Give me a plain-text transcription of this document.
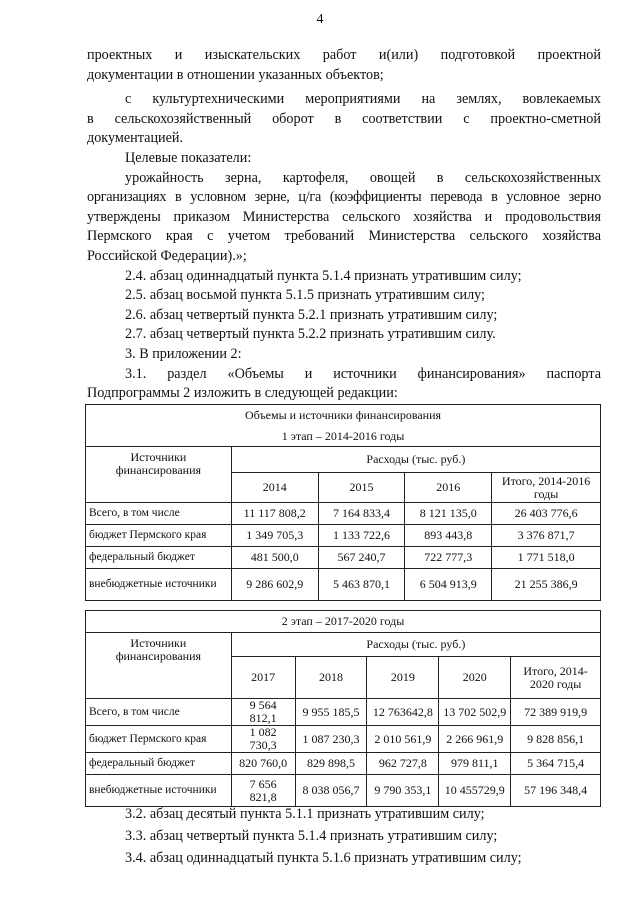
4
проектных и изыскательских работ и(или) подготовкой проектной
документации в отношении указанных объектов;
с культуртехническими мероприятиями на землях, вовлекаемых
в сельскохозяйственный оборот в соответствии с проектно-сметной
документацией.
Целевые показатели:
урожайность зерна, картофеля, овощей в сельскохозяйственных
организациях в условном зерне, ц/га (коэффициенты перевода в условное зерно
утверждены приказом Министерства сельского хозяйства и продовольствия
Пермского края с учетом требований Министерства сельского хозяйства
Российской Федерации).»;
2.4. абзац одиннадцатый пункта 5.1.4 признать утратившим силу;
2.5. абзац восьмой пункта 5.1.5 признать утратившим силу;
2.6. абзац четвертый пункта 5.2.1 признать утратившим силу;
2.7. абзац четвертый пункта 5.2.2 признать утратившим силу.
3. В приложении 2:
3.1. раздел «Объемы и источники финансирования» паспорта
Подпрограммы 2 изложить в следующей редакции:
Объемы и источники финансирования
1 этап – 2014-2016 годы				

Источники финансирования	Расходы (тыс. руб.)			
	2014	2015	2016	Итого, 2014-2016 годы
Всего, в том числе	11 117 808,2	7 164 833,4	8 121 135,0	26 403 776,6
бюджет Пермского края	1 349 705,3	1 133 722,6	893 443,8	3 376 871,7
федеральный бюджет	481 500,0	567 240,7	722 777,3	1 771 518,0
внебюджетные источники	9 286 602,9	5 463 870,1	6 504 913,9	21 255 386,9
2 этап – 2017-2020 годы					
Источники финансирования	Расходы (тыс. руб.)				
	2017	2018	2019	2020	Итого, 2014-2020 годы
Всего, в том числе	9 564 812,1	9 955 185,5	12 763642,8	13 702 502,9	72 389 919,9
бюджет Пермского края	1 082 730,3	1 087 230,3	2 010 561,9	2 266 961,9	9 828 856,1
федеральный бюджет	820 760,0	829 898,5	962 727,8	979 811,1	5 364 715,4
внебюджетные источники	7 656 821,8	8 038 056,7	9 790 353,1	10 455729,9	57 196 348,4
3.2. абзац десятый пункта 5.1.1 признать утратившим силу;
3.3. абзац четвертый пункта 5.1.4 признать утратившим силу;
3.4. абзац одиннадцатый пункта 5.1.6 признать утратившим силу;
